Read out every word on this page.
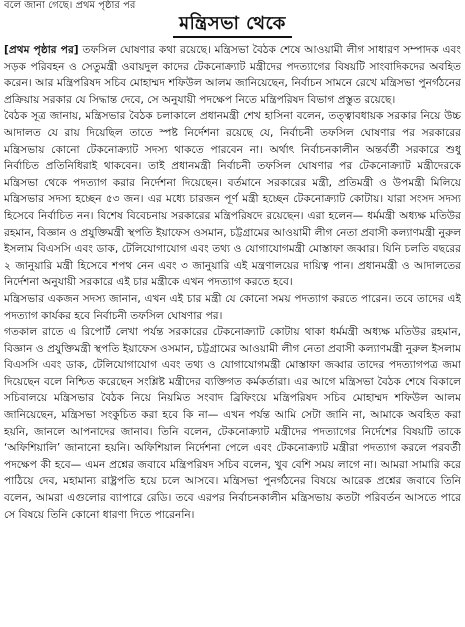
বলে জানা গেছে। প্রথম পৃষ্ঠার পর
মন্ত্রিসভা থেকে

[প্রথম পৃষ্ঠার পর] তফসিল ঘোষণার কথা রয়েছে। মন্ত্রিসভা বৈঠক শেষে আওয়ামী লীগ সাধারণ সম্পাদক এবং সড়ক পরিবহন ও সেতুমন্ত্রী ওবায়দুল কাদের টেকনোক্র্যাট মন্ত্রীদের পদত্যাগের বিষয়টি সাংবাদিকদের অবহিত করেন। আর মন্ত্রিপরিষদ সচিব মোহাম্মদ শফিউল আলম জানিয়েছেন, নির্বাচন সামনে রেখে মন্ত্রিসভা পুনর্গঠনের প্রক্রিয়ায় সরকার যে সিদ্ধান্ত দেবে, সে অনুযায়ী পদক্ষেপ নিতে মন্ত্রিপরিষদ বিভাগ প্রস্তুত রয়েছে।

বৈঠক সূত্র জানায়, মন্ত্রিসভার বৈঠক চলাকালে প্রধানমন্ত্রী শেখ হাসিনা বলেন, তত্ত্বাবধায়ক সরকার নিয়ে উচ্চ আদালত যে রায় দিয়েছিল তাতে স্পষ্ট নির্দেশনা রয়েছে যে, নির্বাচনী তফসিল ঘোষণার পর সরকারের মন্ত্রিসভায় কোনো টেকনোক্র্যাট সদস্য থাকতে পারবেন না। অর্থাৎ নির্বাচনকালীন অন্তর্বর্তী সরকারে শুধু নির্বাচিত প্রতিনিধিরাই থাকবেন। তাই প্রধানমন্ত্রী নির্বাচনী তফসিল ঘোষণার পর টেকনোক্র্যাট মন্ত্রীদেরকে মন্ত্রিসভা থেকে পদত্যাগ করার নির্দেশনা দিয়েছেন। বর্তমানে সরকারের মন্ত্রী, প্রতিমন্ত্রী ও উপমন্ত্রী মিলিয়ে মন্ত্রিসভার সদস্য হচ্ছেন ৫৩ জন। এর মধ্যে চারজন পূর্ণ মন্ত্রী হচ্ছেন টেকনোক্র্যাট কোটায়। যারা সংসদ সদস্য হিসেবে নির্বাচিত নন। বিশেষ বিবেচনায় সরকারের মন্ত্রিপরিষদে রয়েছেন। এরা হলেন— ধর্মমন্ত্রী অধ্যক্ষ মতিউর রহমান, বিজ্ঞান ও প্রযুক্তিমন্ত্রী স্থপতি ইয়াফেস ওসমান, চট্টগ্রামের আওয়ামী লীগ নেতা প্রবাসী কল্যাণমন্ত্রী নুরুল ইসলাম বিএসসি এবং ডাক, টেলিযোগাযোগ এবং তথ্য ও যোগাযোগমন্ত্রী মোস্তাফা জব্বার। যিনি চলতি বছরের ২ জানুয়ারি মন্ত্রী হিসেবে শপথ নেন এবং ৩ জানুয়ারি এই মন্ত্রণালয়ের দায়িত্ব পান। প্রধানমন্ত্রী ও আদালতের নির্দেশনা অনুযায়ী সরকারে এই চার মন্ত্রীকে এখন পদত্যাগ করতে হবে।

মন্ত্রিসভার একজন সদস্য জানান, এখন এই চার মন্ত্রী যে কোনো সময় পদত্যাগ করতে পারেন। তবে তাদের এই পদত্যাগ কার্যকর হবে নির্বাচনী তফসিল ঘোষণার পর।

গতকাল রাতে এ রিপোর্ট লেখা পর্যন্ত সরকারের টেকনোক্র্যাট কোটায় থাকা ধর্মমন্ত্রী অধ্যক্ষ মতিউর রহমান, বিজ্ঞান ও প্রযুক্তিমন্ত্রী স্থপতি ইয়াফেস ওসমান, চট্টগ্রামের আওয়ামী লীগ নেতা প্রবাসী কল্যাণমন্ত্রী নুরুল ইসলাম বিএসসি এবং ডাক, টেলিযোগাযোগ এবং তথ্য ও যোগাযোগমন্ত্রী মোস্তাফা জব্বার তাদের পদত্যাগপত্র জমা দিয়েছেন বলে নিশ্চিত করেছেন সংশ্লিষ্ট মন্ত্রীদের ব্যক্তিগত কর্মকর্তারা। এর আগে মন্ত্রিসভা বৈঠক শেষে বিকালে সচিবালয়ে মন্ত্রিসভার বৈঠক নিয়ে নিয়মিত সংবাদ ব্রিফিংয়ে মন্ত্রিপরিষদ সচিব মোহাম্মদ শফিউল আলম জানিয়েছেন, মন্ত্রিসভা সংকুচিত করা হবে কি না— এখন পর্যন্ত আমি সেটা জানি না, আমাকে অবহিত করা হয়নি, জানলে আপনাদের জানাব। তিনি বলেন, টেকনোক্র্যাট মন্ত্রীদের পদত্যাগের নির্দেশের বিষয়টি তাকে ‘অফিশিয়ালি’ জানানো হয়নি। অফিশিয়াল নির্দেশনা পেলে এবং টেকনোক্র্যাট মন্ত্রীরা পদত্যাগ করলে পরবর্তী পদক্ষেপ কী হবে— এমন প্রশ্নের জবাবে মন্ত্রিপরিষদ সচিব বলেন, খুব বেশি সময় লাগে না। আমরা সামারি করে পাঠিয়ে দেব, মহামান্য রাষ্ট্রপতি হয়ে চলে আসবে। মন্ত্রিসভা পুনর্গঠনের বিষয়ে আরেক প্রশ্নের জবাবে তিনি বলেন, আমরা এগুলোর ব্যাপারে রেডি। তবে এরপর নির্বাচনকালীন মন্ত্রিসভায় কতটা পরিবর্তন আসতে পারে সে বিষয়ে তিনি কোনো ধারণা দিতে পারেননি।
